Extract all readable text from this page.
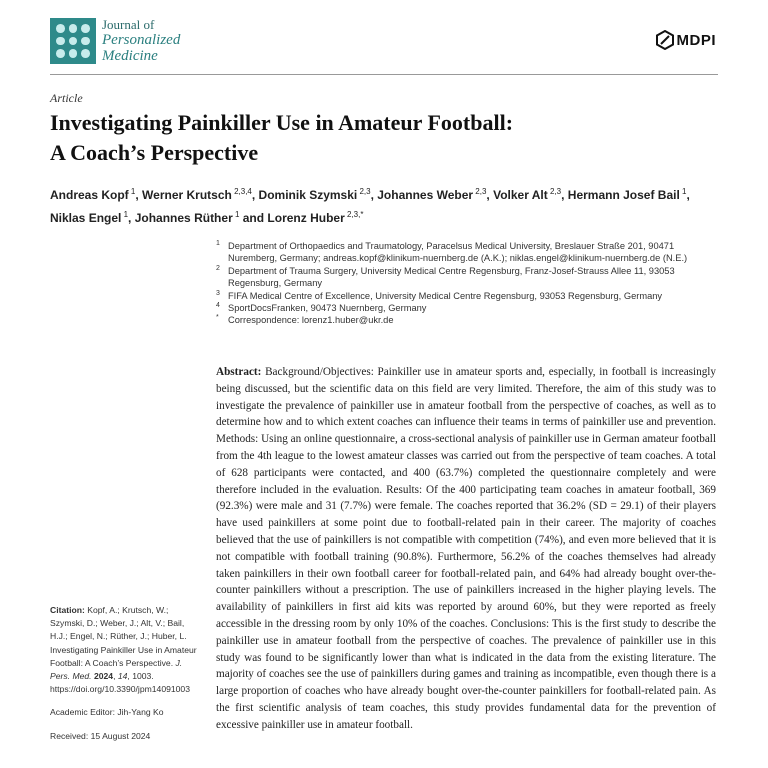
Journal of
Personalized
Medicine
MDPI
Article
Investigating Painkiller Use in Amateur Football:
A Coach’s Perspective
Andreas Kopf $^1$, Werner Krutsch $^{2,3,4}$, Dominik Szymski $^{2,3}$, Johannes Weber $^{2,3}$, Volker Alt $^{2,3}$, Hermann Josef Bail $^1$,
Niklas Engel $^1$, Johannes Rüther $^1$ and Lorenz Huber $^{2,3,*}$
1 Department of Orthopaedics and Traumatology, Paracelsus Medical University, Breslauer Straße 201, 90471 Nuremberg, Germany; andreas.kopf@klinikum-nuernberg.de (A.K.); niklas.engel@klinikum-nuernberg.de (N.E.)
2 Department of Trauma Surgery, University Medical Centre Regensburg, Franz-Josef-Strauss Allee 11, 93053 Regensburg, Germany
3 FIFA Medical Centre of Excellence, University Medical Centre Regensburg, 93053 Regensburg, Germany
4 SportDocsFranken, 90473 Nuernberg, Germany
* Correspondence: lorenz1.huber@ukr.de
Abstract: Background/Objectives: Painkiller use in amateur sports and, especially, in football is increasingly being discussed, but the scientific data on this field are very limited. Therefore, the aim of this study was to investigate the prevalence of painkiller use in amateur football from the perspective of coaches, as well as to determine how and to which extent coaches can influence their teams in terms of painkiller use and prevention. Methods: Using an online questionnaire, a cross-sectional analysis of painkiller use in German amateur football from the 4th league to the lowest amateur classes was carried out from the perspective of team coaches. A total of 628 participants were contacted, and 400 (63.7%) completed the questionnaire completely and were therefore included in the evaluation. Results: Of the 400 participating team coaches in amateur football, 369 (92.3%) were male and 31 (7.7%) were female. The coaches reported that 36.2% (SD = 29.1) of their players have used painkillers at some point due to football-related pain in their career. The majority of coaches believed that the use of painkillers is not compatible with competition (74%), and even more believed that it is not compatible with football training (90.8%). Furthermore, 56.2% of the coaches themselves had already taken painkillers in their own football career for football-related pain, and 64% had already bought over-the-counter painkillers without a prescription. The use of painkillers increased in the higher playing levels. The availability of painkillers in first aid kits was reported by around 60%, but they were reported as freely accessible in the dressing room by only 10% of the coaches. Conclusions: This is the first study to describe the painkiller use in amateur football from the perspective of coaches. The prevalence of painkiller use in this study was found to be significantly lower than what is indicated in the data from the existing literature. The majority of coaches see the use of painkillers during games and training as incompatible, even though there is a large proportion of coaches who have already bought over-the-counter painkillers for football-related pain. As the first scientific analysis of team coaches, this study provides fundamental data for the prevention of excessive painkiller use in amateur football.
Citation: Kopf, A.; Krutsch, W.; Szymski, D.; Weber, J.; Alt, V.; Bail, H.J.; Engel, N.; Rüther, J.; Huber, L. Investigating Painkiller Use in Amateur Football: A Coach’s Perspective. J. Pers. Med. 2024, 14, 1003. https://doi.org/10.3390/jpm14091003
Academic Editor: Jih-Yang Ko
Received: 15 August 2024
